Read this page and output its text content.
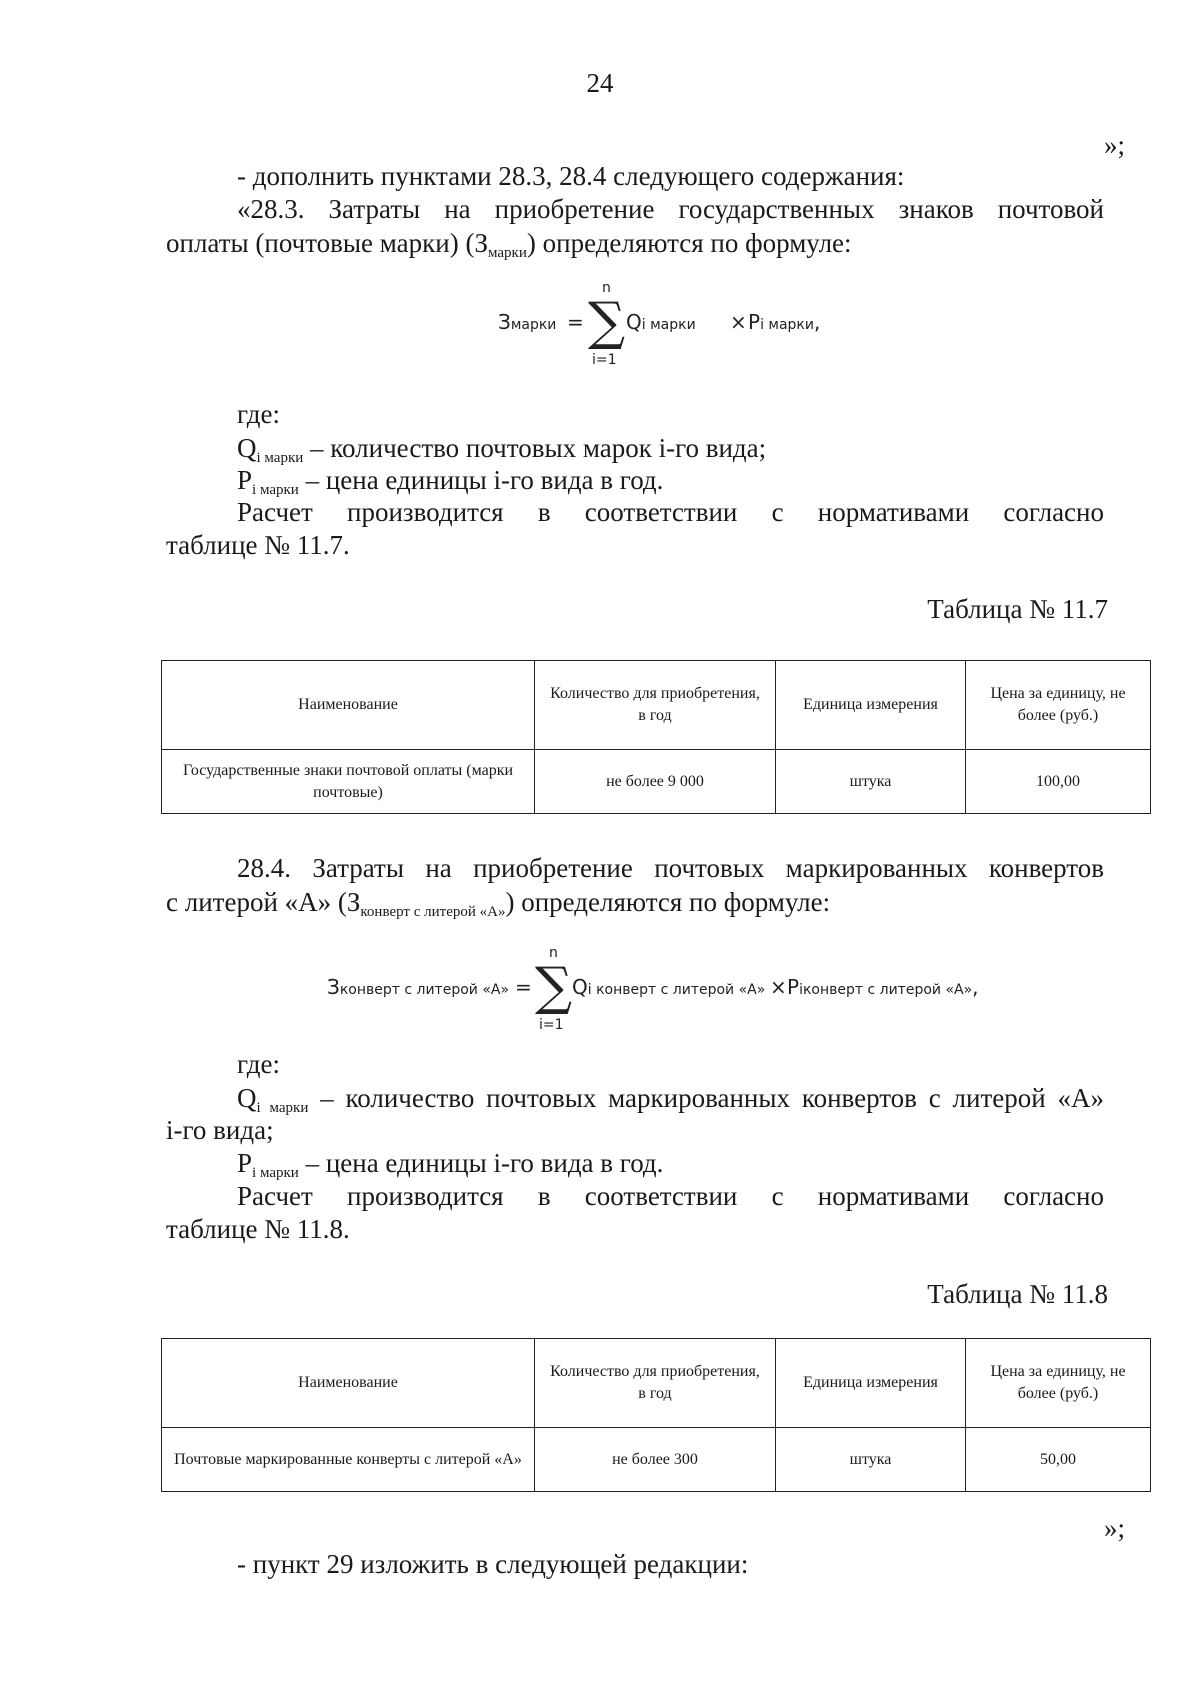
24
»;
- дополнить пунктами 28.3, 28.4 следующего содержания:
«28.3. Затраты на приобретение государственных знаков почтовой
оплаты (почтовые марки) $(З_{марки})$ определяются по формуле:
Змарки =
n
∑
i=1
Qi марки × Pi марки,
где:
$Q_{i марки}$ – количество почтовых марок i-го вида;
$P_{i марки}$ – цена единицы i-го вида в год.
Расчет производится в соответствии с нормативами согласно
таблице № 11.7.
Таблица № 11.7
Наименование	Количество для приобретения, в год	Единица измерения	Цена за единицу, не более (руб.)
Государственные знаки почтовой оплаты (марки почтовые)	не более 9 000	штука	100,00
28.4. Затраты на приобретение почтовых маркированных конвертов
с литерой «А» $(З_{конверт с литерой «А»})$ определяются по формуле:
Зконверт с литерой «А» =
n
∑
i=1
Qi конверт с литерой «А» × Piконверт с литерой «А»,
где:
$Q_{i марки}$ – количество почтовых маркированных конвертов с литерой «А»
i-го вида;
$P_{i марки}$ – цена единицы i-го вида в год.
Расчет производится в соответствии с нормативами согласно
таблице № 11.8.
Таблица № 11.8
Наименование	Количество для приобретения, в год	Единица измерения	Цена за единицу, не более (руб.)
Почтовые маркированные конверты с литерой «А»	не более 300	штука	50,00
»;
- пункт 29 изложить в следующей редакции:
